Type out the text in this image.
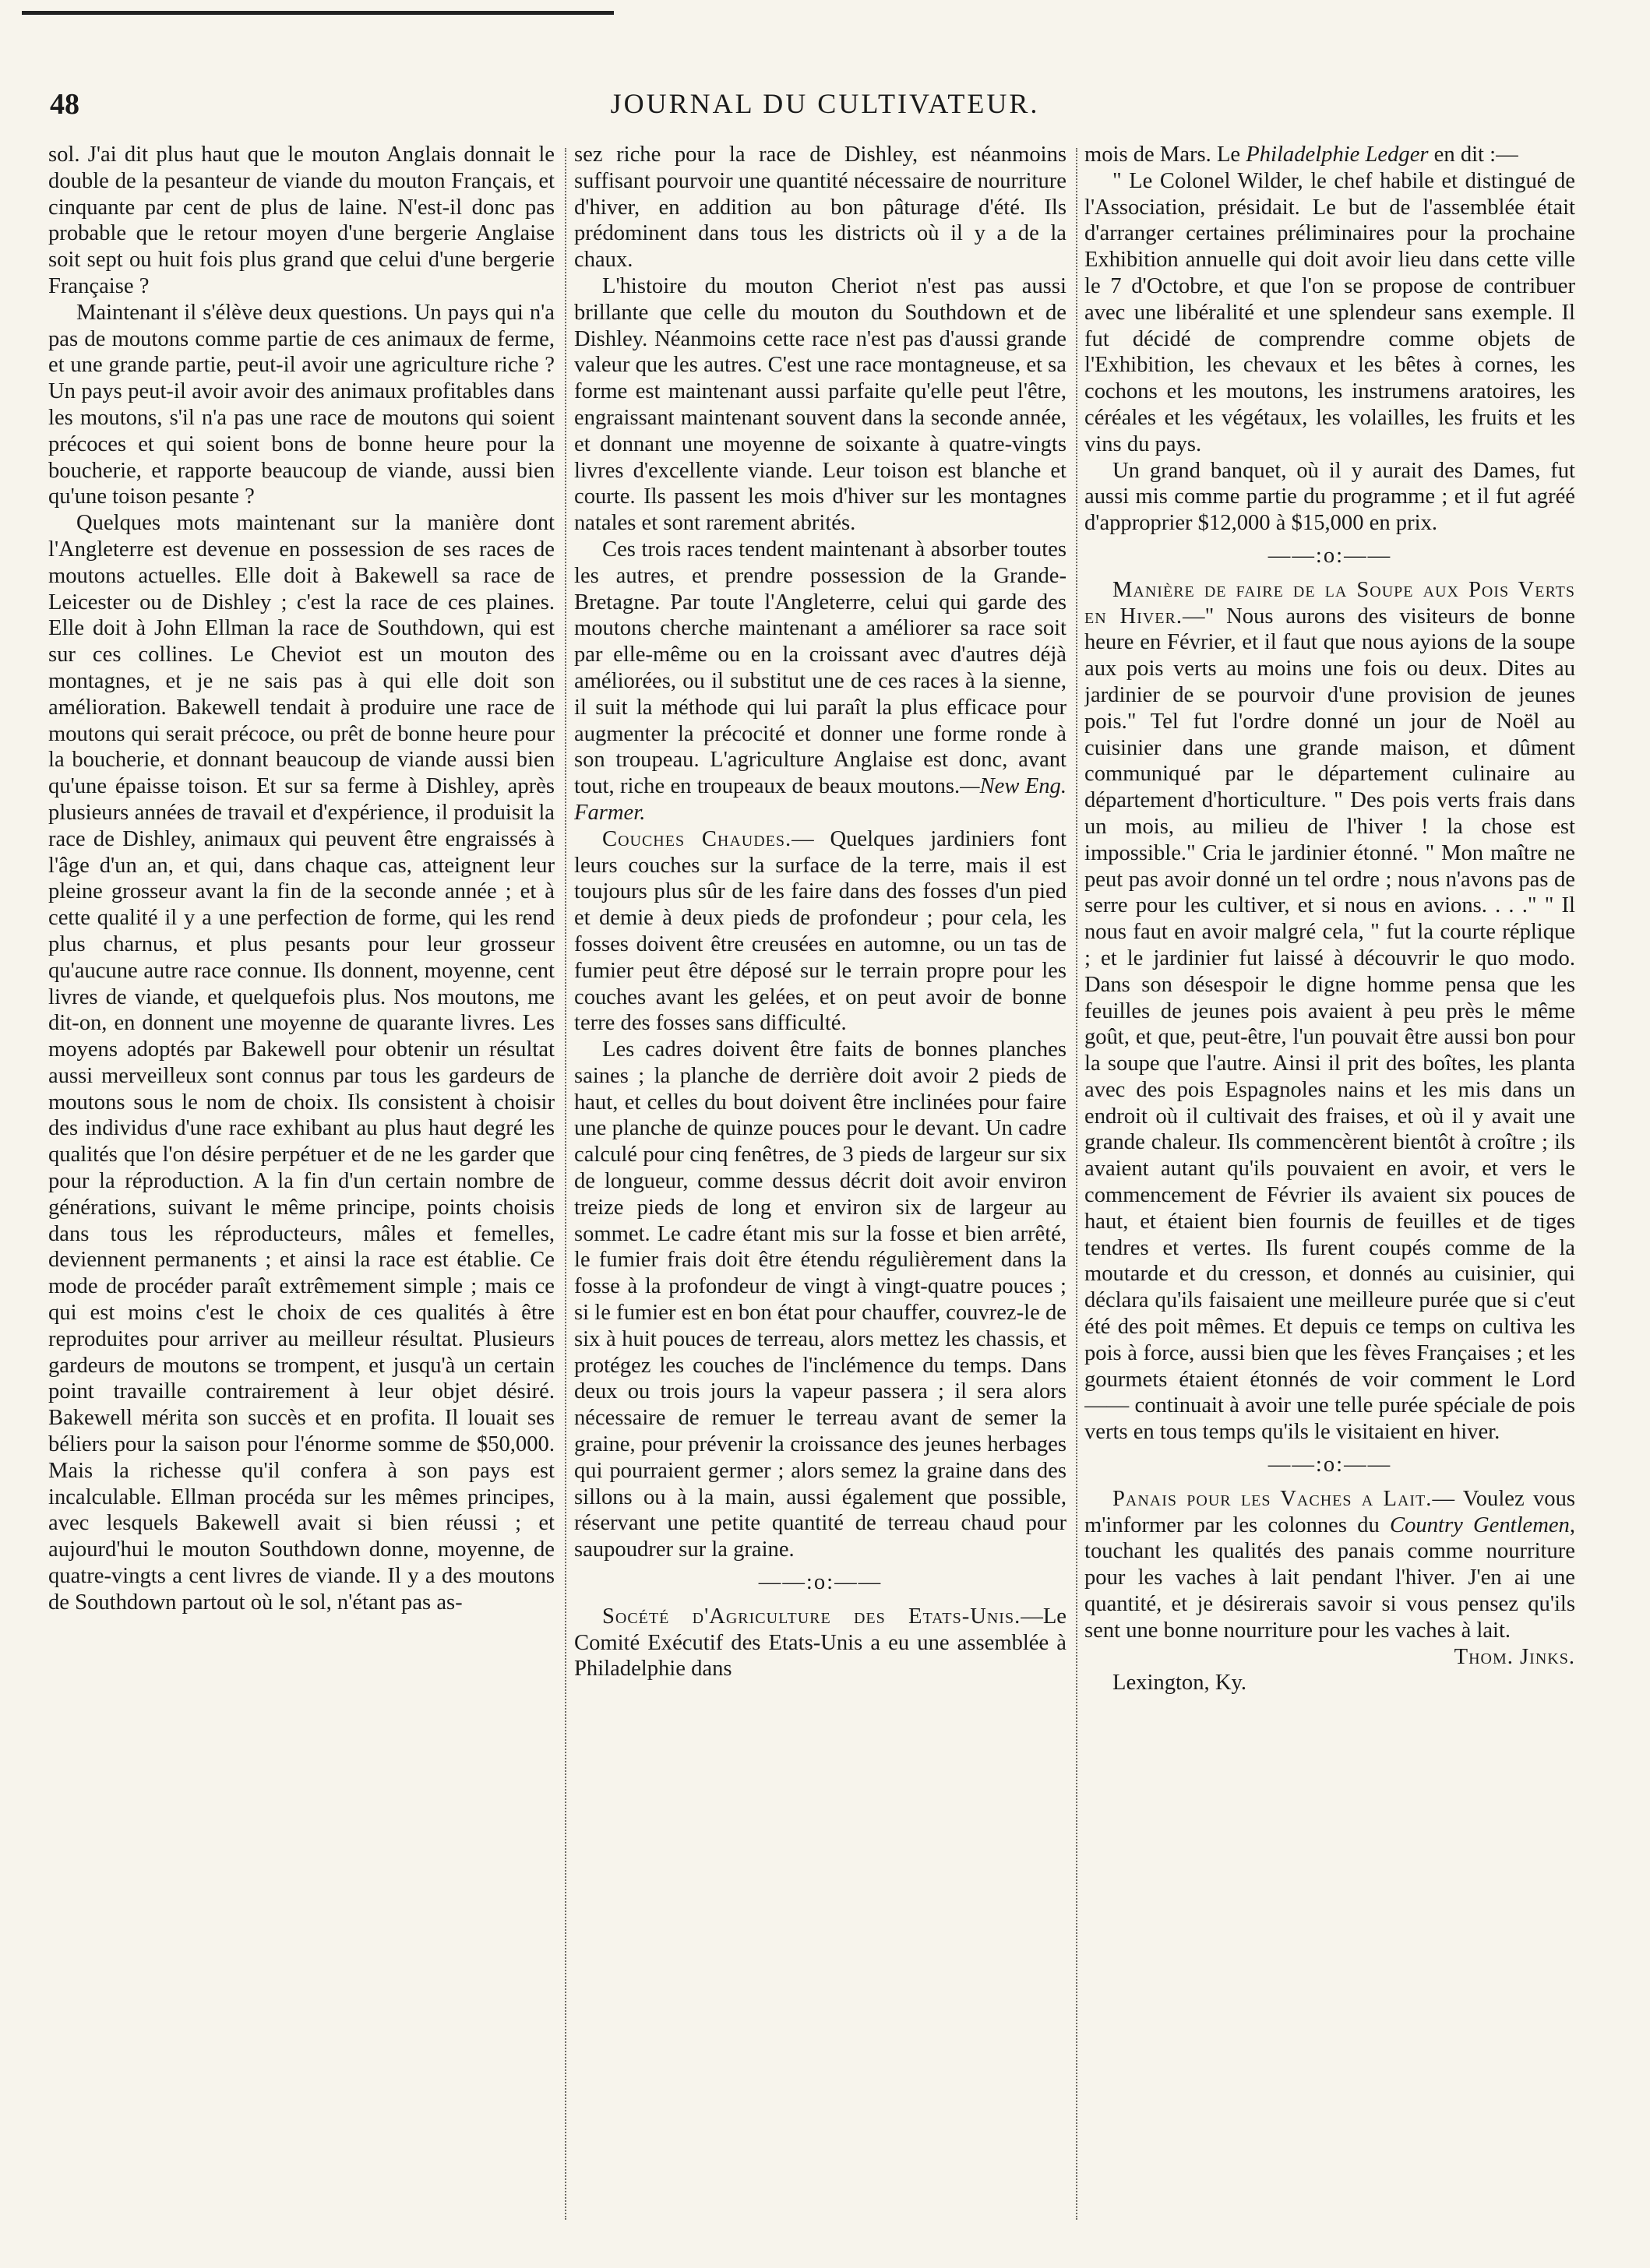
48	JOURNAL DU CULTIVATEUR.

sol. J'ai dit plus haut que le mouton Anglais donnait le double de la pesanteur de viande du mouton Français, et cinquante par cent de plus de laine. N'est-il donc pas probable que le retour moyen d'une bergerie Anglaise soit sept ou huit fois plus grand que celui d'une bergerie Française ?

Maintenant il s'élève deux questions. Un pays qui n'a pas de moutons comme partie de ces animaux de ferme, et une grande partie, peut-il avoir une agriculture riche ? Un pays peut-il avoir avoir des animaux profitables dans les moutons, s'il n'a pas une race de moutons qui soient précoces et qui soient bons de bonne heure pour la boucherie, et rapporte beaucoup de viande, aussi bien qu'une toison pesante ?

Quelques mots maintenant sur la manière dont l'Angleterre est devenue en possession de ses races de moutons actuelles. Elle doit à Bakewell sa race de Leicester ou de Dishley ; c'est la race de ces plaines. Elle doit à John Ellman la race de Southdown, qui est sur ces collines. Le Cheviot est un mouton des montagnes, et je ne sais pas à qui elle doit son amélioration. Bakewell tendait à produire une race de moutons qui serait précoce, ou prêt de bonne heure pour la boucherie, et donnant beaucoup de viande aussi bien qu'une épaisse toison. Et sur sa ferme à Dishley, après plusieurs années de travail et d'expérience, il produisit la race de Dishley, animaux qui peuvent être engraissés à l'âge d'un an, et qui, dans chaque cas, atteignent leur pleine grosseur avant la fin de la seconde année ; et à cette qualité il y a une perfection de forme, qui les rend plus charnus, et plus pesants pour leur grosseur qu'aucune autre race connue. Ils donnent, moyenne, cent livres de viande, et quelquefois plus. Nos moutons, me dit-on, en donnent une moyenne de quarante livres. Les moyens adoptés par Bakewell pour obtenir un résultat aussi merveilleux sont connus par tous les gardeurs de moutons sous le nom de choix. Ils consistent à choisir des individus d'une race exhibant au plus haut degré les qualités que l'on désire perpétuer et de ne les garder que pour la réproduction. A la fin d'un certain nombre de générations, suivant le même principe, points choisis dans tous les réproducteurs, mâles et femelles, deviennent permanents ; et ainsi la race est établie. Ce mode de procéder paraît extrêmement simple ; mais ce qui est moins c'est le choix de ces qualités à être reproduites pour arriver au meilleur résultat. Plusieurs gardeurs de moutons se trompent, et jusqu'à un certain point travaille contrairement à leur objet désiré. Bakewell mérita son succès et en profita. Il louait ses béliers pour la saison pour l'énorme somme de $50,000. Mais la richesse qu'il confera à son pays est incalculable. Ellman procéda sur les mêmes principes, avec lesquels Bakewell avait si bien réussi ; et aujourd'hui le mouton Southdown donne, moyenne, de quatre-vingts a cent livres de viande. Il y a des moutons de Southdown partout où le sol, n'étant pas as-

sez riche pour la race de Dishley, est néanmoins suffisant pourvoir une quantité nécessaire de nourriture d'hiver, en addition au bon pâturage d'été. Ils prédominent dans tous les districts où il y a de la chaux.

L'histoire du mouton Cheriot n'est pas aussi brillante que celle du mouton du Southdown et de Dishley. Néanmoins cette race n'est pas d'aussi grande valeur que les autres. C'est une race montagneuse, et sa forme est maintenant aussi parfaite qu'elle peut l'être, engraissant maintenant souvent dans la seconde année, et donnant une moyenne de soixante à quatre-vingts livres d'excellente viande. Leur toison est blanche et courte. Ils passent les mois d'hiver sur les montagnes natales et sont rarement abrités.

Ces trois races tendent maintenant à absorber toutes les autres, et prendre possession de la Grande-Bretagne. Par toute l'Angleterre, celui qui garde des moutons cherche maintenant a améliorer sa race soit par elle-même ou en la croissant avec d'autres déjà améliorées, ou il substitut une de ces races à la sienne, il suit la méthode qui lui paraît la plus efficace pour augmenter la précocité et donner une forme ronde à son troupeau. L'agriculture Anglaise est donc, avant tout, riche en troupeaux de beaux moutons.—New Eng. Farmer.

Couches Chaudes.— Quelques jardiniers font leurs couches sur la surface de la terre, mais il est toujours plus sûr de les faire dans des fosses d'un pied et demie à deux pieds de profondeur ; pour cela, les fosses doivent être creusées en automne, ou un tas de fumier peut être déposé sur le terrain propre pour les couches avant les gelées, et on peut avoir de bonne terre des fosses sans difficulté.

Les cadres doivent être faits de bonnes planches saines ; la planche de derrière doit avoir 2 pieds de haut, et celles du bout doivent être inclinées pour faire une planche de quinze pouces pour le devant. Un cadre calculé pour cinq fenêtres, de 3 pieds de largeur sur six de longueur, comme dessus décrit doit avoir environ treize pieds de long et environ six de largeur au sommet. Le cadre étant mis sur la fosse et bien arrêté, le fumier frais doit être étendu régulièrement dans la fosse à la profondeur de vingt à vingt-quatre pouces ; si le fumier est en bon état pour chauffer, couvrez-le de six à huit pouces de terreau, alors mettez les chassis, et protégez les couches de l'inclémence du temps. Dans deux ou trois jours la vapeur passera ; il sera alors nécessaire de remuer le terreau avant de semer la graine, pour prévenir la croissance des jeunes herbages qui pourraient germer ; alors semez la graine dans des sillons ou à la main, aussi également que possible, réservant une petite quantité de terreau chaud pour saupoudrer sur la graine.

——:o:——

Socété d'Agriculture des Etats-Unis.—Le Comité Exécutif des Etats-Unis a eu une assemblée à Philadelphie dans

mois de Mars. Le Philadelphie Ledger en dit :—

" Le Colonel Wilder, le chef habile et distingué de l'Association, présidait. Le but de l'assemblée était d'arranger certaines préliminaires pour la prochaine Exhibition annuelle qui doit avoir lieu dans cette ville le 7 d'Octobre, et que l'on se propose de contribuer avec une libéralité et une splendeur sans exemple. Il fut décidé de comprendre comme objets de l'Exhibition, les chevaux et les bêtes à cornes, les cochons et les moutons, les instrumens aratoires, les céréales et les végétaux, les volailles, les fruits et les vins du pays.

Un grand banquet, où il y aurait des Dames, fut aussi mis comme partie du programme ; et il fut agréé d'approprier $12,000 à $15,000 en prix.

——:o:——

Manière de faire de la Soupe aux Pois Verts en Hiver.—" Nous aurons des visiteurs de bonne heure en Février, et il faut que nous ayions de la soupe aux pois verts au moins une fois ou deux. Dites au jardinier de se pourvoir d'une provision de jeunes pois." Tel fut l'ordre donné un jour de Noël au cuisinier dans une grande maison, et dûment communiqué par le département culinaire au département d'horticulture. " Des pois verts frais dans un mois, au milieu de l'hiver ! la chose est impossible." Cria le jardinier étonné. " Mon maître ne peut pas avoir donné un tel ordre ; nous n'avons pas de serre pour les cultiver, et si nous en avions. . . ." " Il nous faut en avoir malgré cela, " fut la courte réplique ; et le jardinier fut laissé à découvrir le quo modo. Dans son désespoir le digne homme pensa que les feuilles de jeunes pois avaient à peu près le même goût, et que, peut-être, l'un pouvait être aussi bon pour la soupe que l'autre. Ainsi il prit des boîtes, les planta avec des pois Espagnoles nains et les mis dans un endroit où il cultivait des fraises, et où il y avait une grande chaleur. Ils commencèrent bientôt à croître ; ils avaient autant qu'ils pouvaient en avoir, et vers le commencement de Février ils avaient six pouces de haut, et étaient bien fournis de feuilles et de tiges tendres et vertes. Ils furent coupés comme de la moutarde et du cresson, et donnés au cuisinier, qui déclara qu'ils faisaient une meilleure purée que si c'eut été des poit mêmes. Et depuis ce temps on cultiva les pois à force, aussi bien que les fèves Françaises ; et les gourmets étaient étonnés de voir comment le Lord —— continuait à avoir une telle purée spéciale de pois verts en tous temps qu'ils le visitaient en hiver.

——:o:——

Panais pour les Vaches a Lait.— Voulez vous m'informer par les colonnes du Country Gentlemen, touchant les qualités des panais comme nourriture pour les vaches à lait pendant l'hiver. J'en ai une quantité, et je désirerais savoir si vous pensez qu'ils sent une bonne nourriture pour les vaches à lait.

Thom. Jinks.

Lexington, Ky.
